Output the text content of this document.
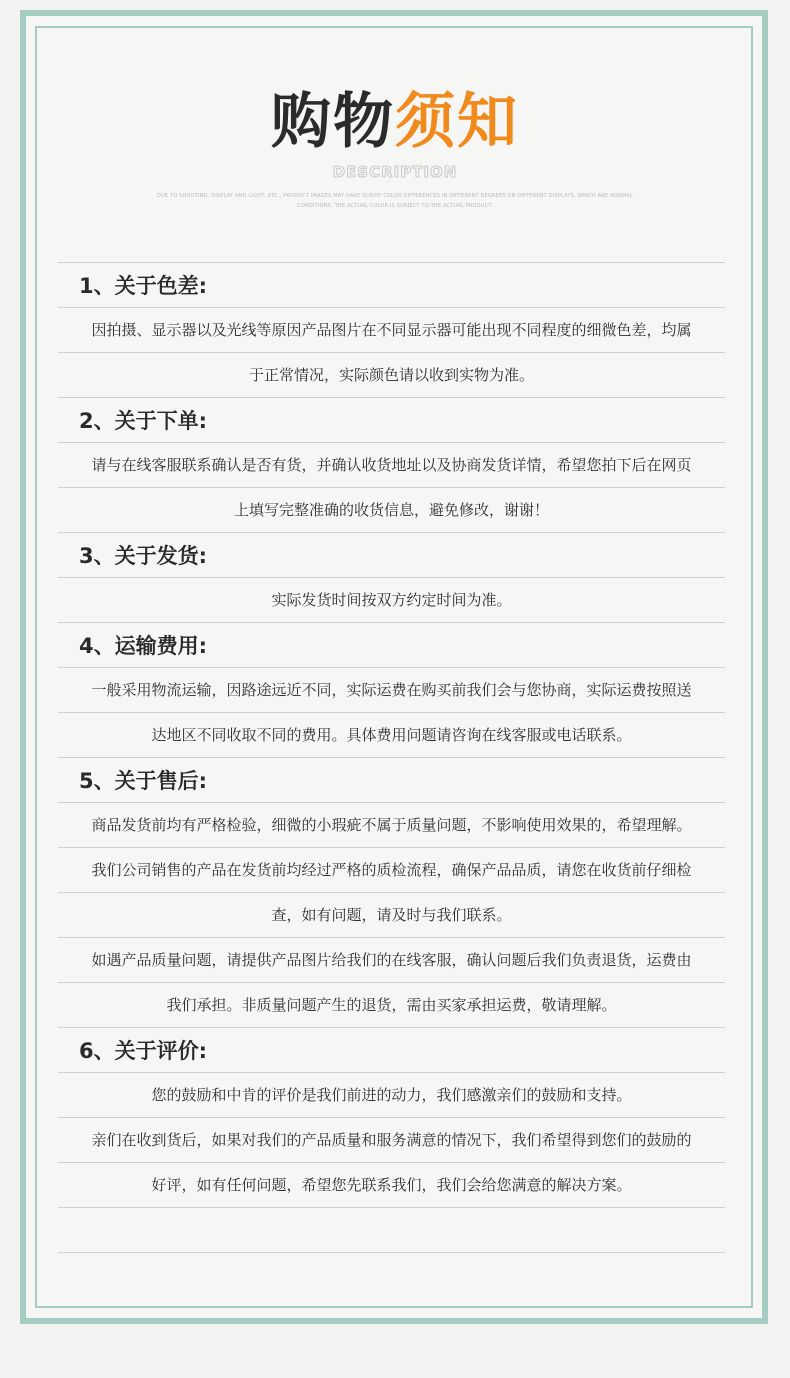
购物须知
DESCRIPTION
DUE TO SHOOTING, DISPLAY AND LIGHT, ETC., PRODUCT IMAGES MAY HAVE SLIGHT COLOR DIFFERENCES IN DIFFERENT DEGREES ON DIFFERENT DISPLAYS, WHICH ARE NORMAL
CONDITIONS, THE ACTUAL COLOR IS SUBJECT TO THE ACTUAL PRODUCT.
1、关于色差:
因拍摄、显示器以及光线等原因产品图片在不同显示器可能出现不同程度的细微色差，均属
于正常情况，实际颜色请以收到实物为准。
2、关于下单:
请与在线客服联系确认是否有货，并确认收货地址以及协商发货详情，希望您拍下后在网页
上填写完整准确的收货信息，避免修改，谢谢！
3、关于发货:
实际发货时间按双方约定时间为准。
4、运输费用:
一般采用物流运输，因路途远近不同，实际运费在购买前我们会与您协商，实际运费按照送
达地区不同收取不同的费用。具体费用问题请咨询在线客服或电话联系。
5、关于售后:
商品发货前均有严格检验，细微的小瑕疵不属于质量问题，不影响使用效果的，希望理解。
我们公司销售的产品在发货前均经过严格的质检流程，确保产品品质，请您在收货前仔细检
查，如有问题，请及时与我们联系。
如遇产品质量问题，请提供产品图片给我们的在线客服，确认问题后我们负责退货，运费由
我们承担。非质量问题产生的退货，需由买家承担运费，敬请理解。
6、关于评价:
您的鼓励和中肯的评价是我们前进的动力，我们感激亲们的鼓励和支持。
亲们在收到货后，如果对我们的产品质量和服务满意的情况下，我们希望得到您们的鼓励的
好评，如有任何问题，希望您先联系我们，我们会给您满意的解决方案。
